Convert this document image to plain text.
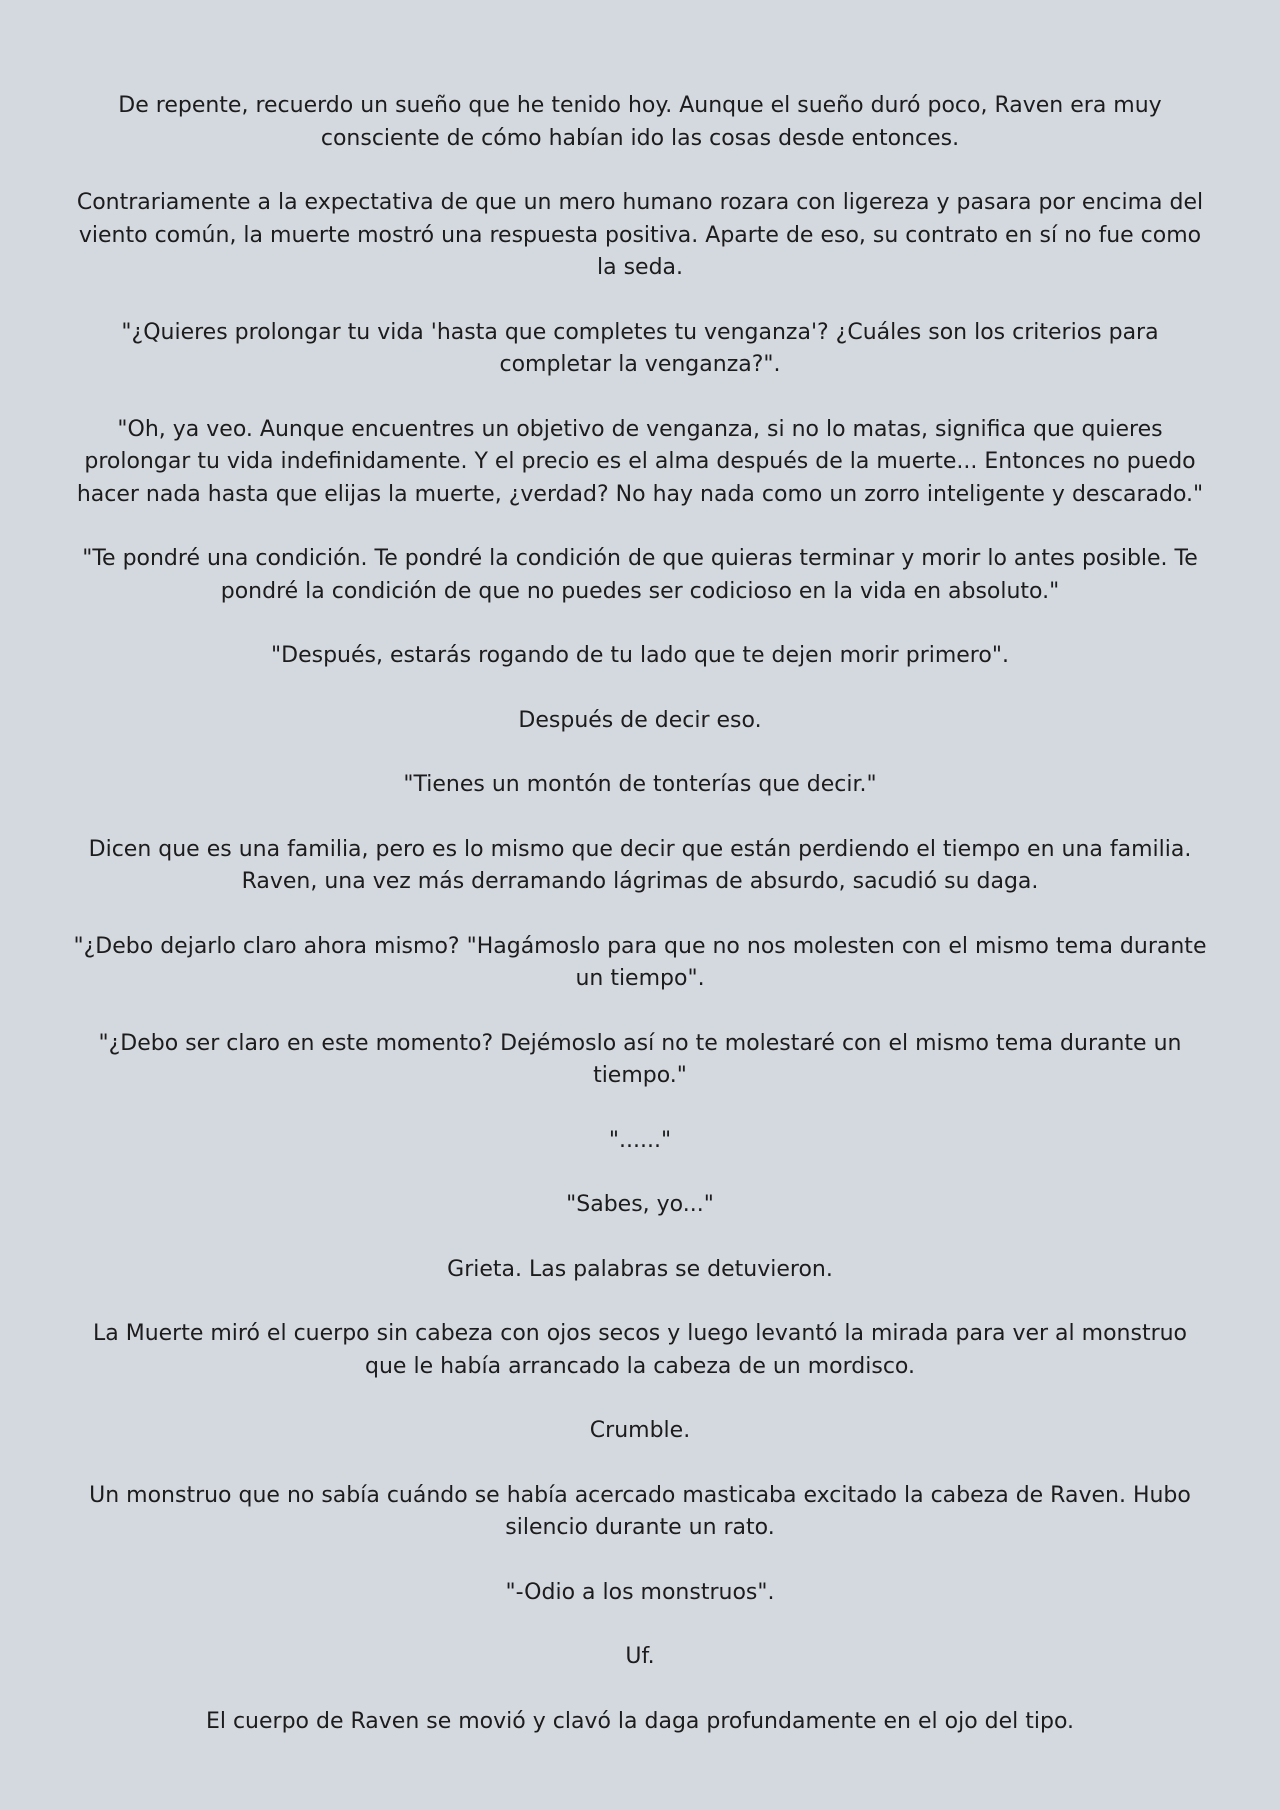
De repente, recuerdo un sueño que he tenido hoy. Aunque el sueño duró poco, Raven era muy consciente de cómo habían ido las cosas desde entonces.

Contrariamente a la expectativa de que un mero humano rozara con ligereza y pasara por encima del viento común, la muerte mostró una respuesta positiva. Aparte de eso, su contrato en sí no fue como la seda.

"¿Quieres prolongar tu vida 'hasta que completes tu venganza'? ¿Cuáles son los criterios para completar la venganza?".

"Oh, ya veo. Aunque encuentres un objetivo de venganza, si no lo matas, significa que quieres prolongar tu vida indefinidamente. Y el precio es el alma después de la muerte... Entonces no puedo hacer nada hasta que elijas la muerte, ¿verdad? No hay nada como un zorro inteligente y descarado."

"Te pondré una condición. Te pondré la condición de que quieras terminar y morir lo antes posible. Te pondré la condición de que no puedes ser codicioso en la vida en absoluto."

"Después, estarás rogando de tu lado que te dejen morir primero".

Después de decir eso.

"Tienes un montón de tonterías que decir."

Dicen que es una familia, pero es lo mismo que decir que están perdiendo el tiempo en una familia. Raven, una vez más derramando lágrimas de absurdo, sacudió su daga.

"¿Debo dejarlo claro ahora mismo? "Hagámoslo para que no nos molesten con el mismo tema durante un tiempo".

"¿Debo ser claro en este momento? Dejémoslo así no te molestaré con el mismo tema durante un tiempo."

"......"

"Sabes, yo..."

Grieta. Las palabras se detuvieron.

La Muerte miró el cuerpo sin cabeza con ojos secos y luego levantó la mirada para ver al monstruo que le había arrancado la cabeza de un mordisco.

Crumble.

Un monstruo que no sabía cuándo se había acercado masticaba excitado la cabeza de Raven. Hubo silencio durante un rato.

"-Odio a los monstruos".

Uf.

El cuerpo de Raven se movió y clavó la daga profundamente en el ojo del tipo.
